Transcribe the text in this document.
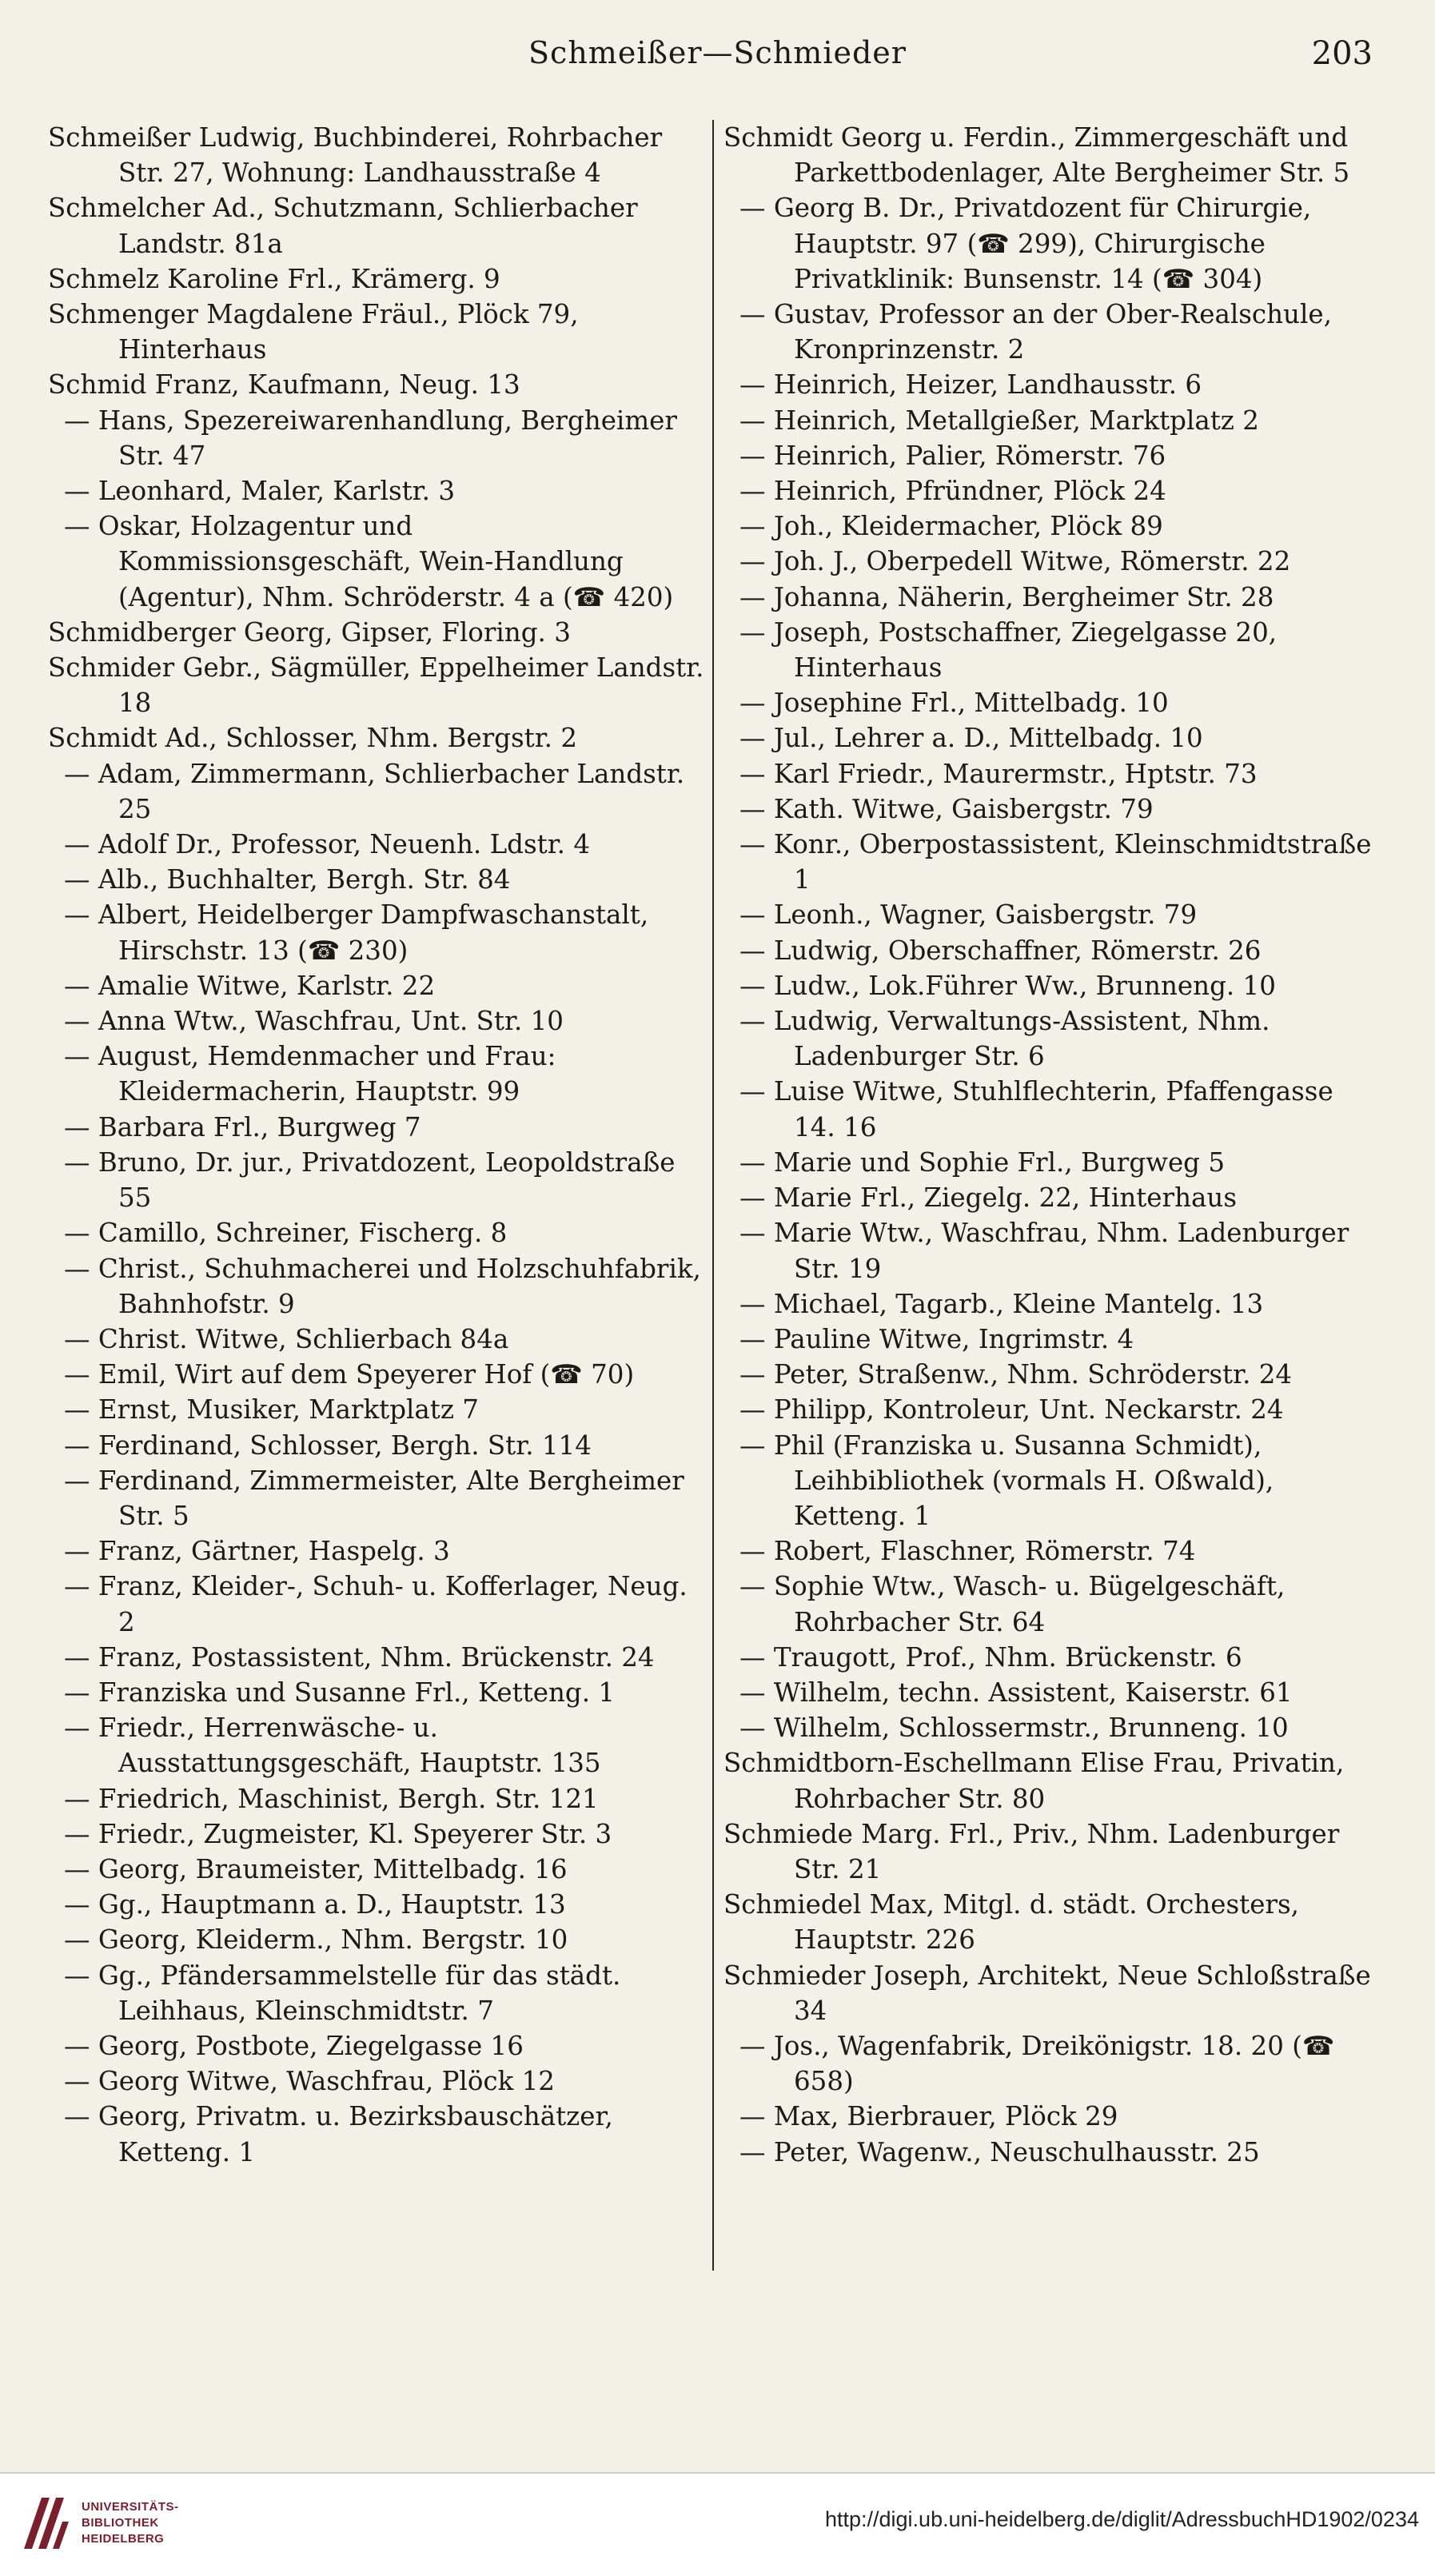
Schmeißer—Schmieder	203
Schmeißer Ludwig, Buchbinderei, Rohrbacher Str. 27, Wohnung: Landhausstraße 4
Schmelcher Ad., Schutzmann, Schlierbacher Landstr. 81a
Schmelz Karoline Frl., Krämerg. 9
Schmenger Magdalene Fräul., Plöck 79, Hinterhaus
Schmid Franz, Kaufmann, Neug. 13
— Hans, Spezereiwarenhandlung, Bergheimer Str. 47
— Leonhard, Maler, Karlstr. 3
— Oskar, Holzagentur und Kommissionsgeschäft, Wein-Handlung (Agentur), Nhm. Schröderstr. 4 a (☎ 420)
Schmidberger Georg, Gipser, Floring. 3
Schmider Gebr., Sägmüller, Eppelheimer Landstr. 18
Schmidt Ad., Schlosser, Nhm. Bergstr. 2
— Adam, Zimmermann, Schlierbacher Landstr. 25
— Adolf Dr., Professor, Neuenh. Ldstr. 4
— Alb., Buchhalter, Bergh. Str. 84
— Albert, Heidelberger Dampfwaschanstalt, Hirschstr. 13 (☎ 230)
— Amalie Witwe, Karlstr. 22
— Anna Wtw., Waschfrau, Unt. Str. 10
— August, Hemdenmacher und Frau: Kleidermacherin, Hauptstr. 99
— Barbara Frl., Burgweg 7
— Bruno, Dr. jur., Privatdozent, Leopoldstraße 55
— Camillo, Schreiner, Fischerg. 8
— Christ., Schuhmacherei und Holzschuhfabrik, Bahnhofstr. 9
— Christ. Witwe, Schlierbach 84a
— Emil, Wirt auf dem Speyerer Hof (☎ 70)
— Ernst, Musiker, Marktplatz 7
— Ferdinand, Schlosser, Bergh. Str. 114
— Ferdinand, Zimmermeister, Alte Bergheimer Str. 5
— Franz, Gärtner, Haspelg. 3
— Franz, Kleider-, Schuh- u. Kofferlager, Neug. 2
— Franz, Postassistent, Nhm. Brückenstr. 24
— Franziska und Susanne Frl., Ketteng. 1
— Friedr., Herrenwäsche- u. Ausstattungsgeschäft, Hauptstr. 135
— Friedrich, Maschinist, Bergh. Str. 121
— Friedr., Zugmeister, Kl. Speyerer Str. 3
— Georg, Braumeister, Mittelbadg. 16
— Gg., Hauptmann a. D., Hauptstr. 13
— Georg, Kleiderm., Nhm. Bergstr. 10
— Gg., Pfändersammelstelle für das städt. Leihhaus, Kleinschmidtstr. 7
— Georg, Postbote, Ziegelgasse 16
— Georg Witwe, Waschfrau, Plöck 12
— Georg, Privatm. u. Bezirksbauschätzer, Ketteng. 1
Schmidt Georg u. Ferdin., Zimmergeschäft und Parkettbodenlager, Alte Bergheimer Str. 5
— Georg B. Dr., Privatdozent für Chirurgie, Hauptstr. 97 (☎ 299), Chirurgische Privatklinik: Bunsenstr. 14 (☎ 304)
— Gustav, Professor an der Ober-Realschule, Kronprinzenstr. 2
— Heinrich, Heizer, Landhausstr. 6
— Heinrich, Metallgießer, Marktplatz 2
— Heinrich, Palier, Römerstr. 76
— Heinrich, Pfründner, Plöck 24
— Joh., Kleidermacher, Plöck 89
— Joh. J., Oberpedell Witwe, Römerstr. 22
— Johanna, Näherin, Bergheimer Str. 28
— Joseph, Postschaffner, Ziegelgasse 20, Hinterhaus
— Josephine Frl., Mittelbadg. 10
— Jul., Lehrer a. D., Mittelbadg. 10
— Karl Friedr., Maurermstr., Hptstr. 73
— Kath. Witwe, Gaisbergstr. 79
— Konr., Oberpostassistent, Kleinschmidtstraße 1
— Leonh., Wagner, Gaisbergstr. 79
— Ludwig, Oberschaffner, Römerstr. 26
— Ludw., Lok.Führer Ww., Brunneng. 10
— Ludwig, Verwaltungs-Assistent, Nhm. Ladenburger Str. 6
— Luise Witwe, Stuhlflechterin, Pfaffengasse 14. 16
— Marie und Sophie Frl., Burgweg 5
— Marie Frl., Ziegelg. 22, Hinterhaus
— Marie Wtw., Waschfrau, Nhm. Ladenburger Str. 19
— Michael, Tagarb., Kleine Mantelg. 13
— Pauline Witwe, Ingrimstr. 4
— Peter, Straßenw., Nhm. Schröderstr. 24
— Philipp, Kontroleur, Unt. Neckarstr. 24
— Phil (Franziska u. Susanna Schmidt), Leihbibliothek (vormals H. Oßwald), Ketteng. 1
— Robert, Flaschner, Römerstr. 74
— Sophie Wtw., Wasch- u. Bügelgeschäft, Rohrbacher Str. 64
— Traugott, Prof., Nhm. Brückenstr. 6
— Wilhelm, techn. Assistent, Kaiserstr. 61
— Wilhelm, Schlossermstr., Brunneng. 10
Schmidtborn-Eschellmann Elise Frau, Privatin, Rohrbacher Str. 80
Schmiede Marg. Frl., Priv., Nhm. Ladenburger Str. 21
Schmiedel Max, Mitgl. d. städt. Orchesters, Hauptstr. 226
Schmieder Joseph, Architekt, Neue Schloßstraße 34
— Jos., Wagenfabrik, Dreikönigstr. 18. 20 (☎ 658)
— Max, Bierbrauer, Plöck 29
— Peter, Wagenw., Neuschulhausstr. 25
UNIVERSITÄTS-
BIBLIOTHEK
HEIDELBERG
http://digi.ub.uni-heidelberg.de/diglit/AdressbuchHD1902/0234
